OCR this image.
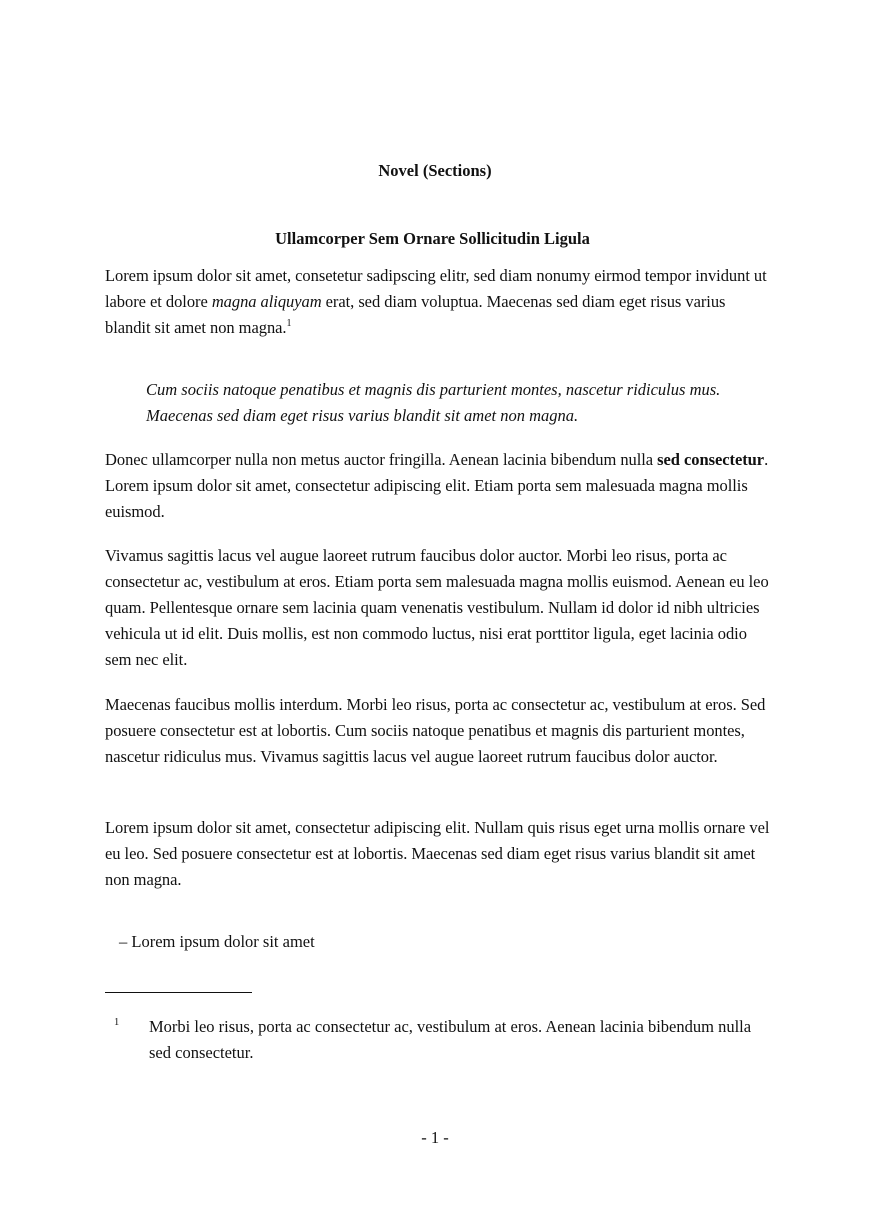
Novel (Sections)
Ullamcorper Sem Ornare Sollicitudin Ligula

Lorem ipsum dolor sit amet, consetetur sadipscing elitr, sed diam nonumy eirmod tempor invidunt ut labore et dolore magna aliquyam erat, sed diam voluptua. Maecenas sed diam eget risus varius blandit sit amet non magna.$^1$

Cum sociis natoque penatibus et magnis dis parturient montes, nascetur ridiculus mus. Maecenas sed diam eget risus varius blandit sit amet non magna.

Donec ullamcorper nulla non metus auctor fringilla. Aenean lacinia bibendum nulla sed consectetur. Lorem ipsum dolor sit amet, consectetur adipiscing elit. Etiam porta sem malesuada magna mollis euismod.

Vivamus sagittis lacus vel augue laoreet rutrum faucibus dolor auctor. Morbi leo risus, porta ac consectetur ac, vestibulum at eros. Etiam porta sem malesuada magna mollis euismod. Aenean eu leo quam. Pellentesque ornare sem lacinia quam venenatis vestibulum. Nullam id dolor id nibh ultricies vehicula ut id elit. Duis mollis, est non commodo luctus, nisi erat porttitor ligula, eget lacinia odio sem nec elit.

Maecenas faucibus mollis interdum. Morbi leo risus, porta ac consectetur ac, vestibulum at eros. Sed posuere consectetur est at lobortis. Cum sociis natoque penatibus et magnis dis parturient montes, nascetur ridiculus mus. Vivamus sagittis lacus vel augue laoreet rutrum faucibus dolor auctor.

Lorem ipsum dolor sit amet, consectetur adipiscing elit. Nullam quis risus eget urna mollis ornare vel eu leo. Sed posuere consectetur est at lobortis. Maecenas sed diam eget risus varius blandit sit amet non magna.

– Lorem ipsum dolor sit amet

1 Morbi leo risus, porta ac consectetur ac, vestibulum at eros. Aenean lacinia bibendum nulla sed consectetur.

- 1 -
